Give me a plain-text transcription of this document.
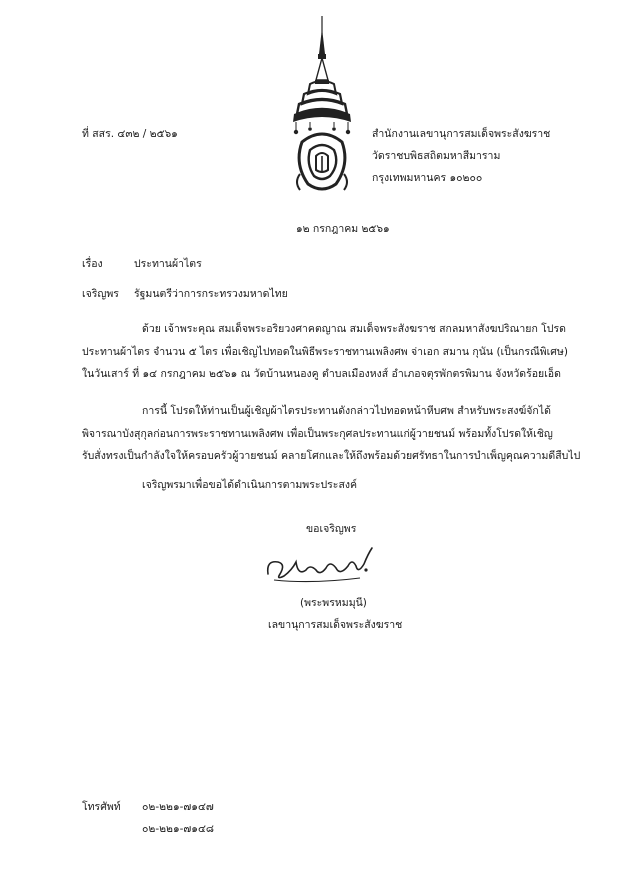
ที่ สสร. ๔๓๒ / ๒๕๖๑	สำนักงานเลขานุการสมเด็จพระสังฆราช
วัดราชบพิธสถิตมหาสีมาราม
กรุงเทพมหานคร ๑๐๒๐๐
๑๒ กรกฎาคม ๒๕๖๑
เรื่อง	ประทานผ้าไตร
เจริญพร รัฐมนตรีว่าการกระทรวงมหาดไทย
ด้วย เจ้าพระคุณ สมเด็จพระอริยวงศาคตญาณ สมเด็จพระสังฆราช สกลมหาสังฆปริณายก โปรด
ประทานผ้าไตร จำนวน ๕ ไตร เพื่อเชิญไปทอดในพิธีพระราชทานเพลิงศพ จ่าเอก สมาน กุนัน (เป็นกรณีพิเศษ)
ในวันเสาร์ ที่ ๑๔ กรกฎาคม ๒๕๖๑ ณ วัดบ้านหนองคู ตำบลเมืองหงส์ อำเภอจตุรพักตรพิมาน จังหวัดร้อยเอ็ด
การนี้ โปรดให้ท่านเป็นผู้เชิญผ้าไตรประทานดังกล่าวไปทอดหน้าหีบศพ สำหรับพระสงฆ์จักได้
พิจารณาบังสุกุลก่อนการพระราชทานเพลิงศพ เพื่อเป็นพระกุศลประทานแก่ผู้วายชนม์ พร้อมทั้งโปรดให้เชิญ
รับสั่งทรงเป็นกำลังใจให้ครอบครัวผู้วายชนม์ คลายโศกและให้ถึงพร้อมด้วยศรัทธาในการบำเพ็ญคุณความดีสืบไป
เจริญพรมาเพื่อขอได้ดำเนินการตามพระประสงค์
ขอเจริญพร
(พระพรหมมุนี)
เลขานุการสมเด็จพระสังฆราช
โทรศัพท์ ๐๒-๒๒๑-๗๑๔๗
๐๒-๒๒๑-๗๑๔๘
